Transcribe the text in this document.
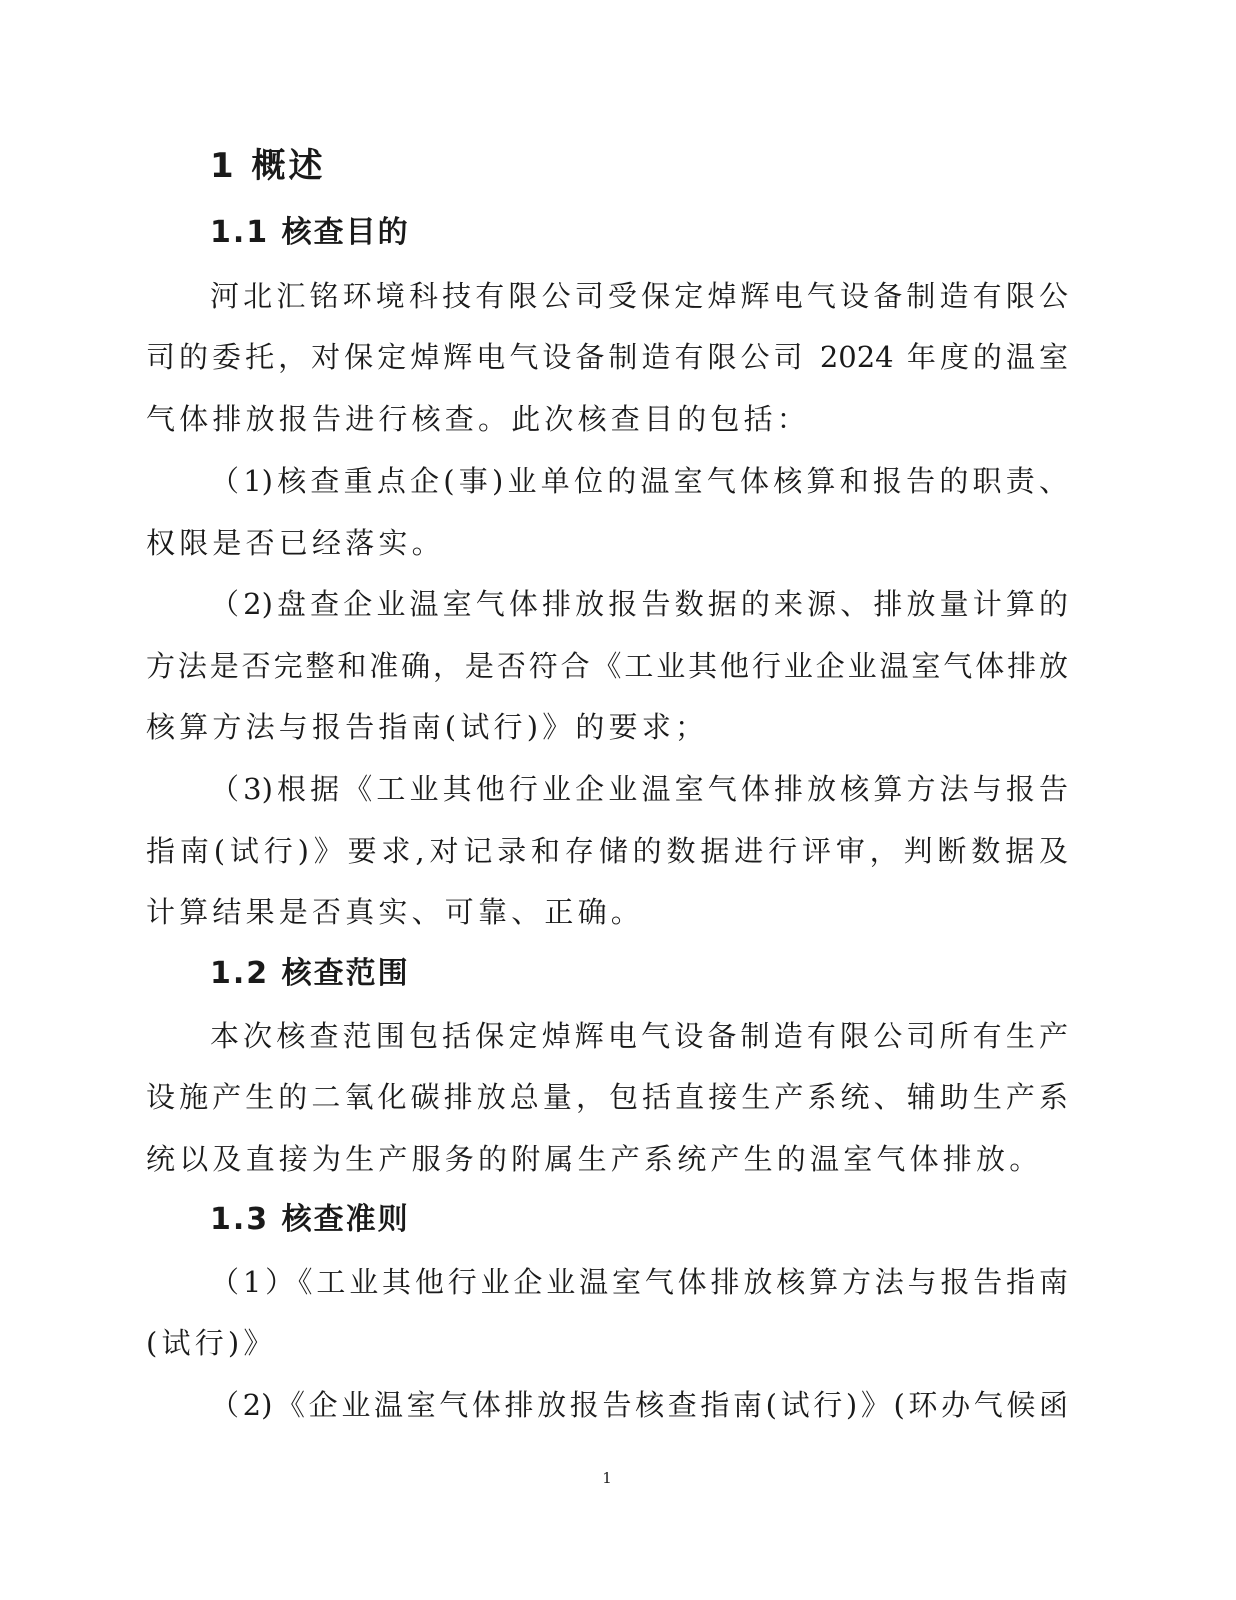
1 概述
1.1 核查目的
河北汇铭环境科技有限公司受保定焯辉电气设备制造有限公
司的委托，对保定焯辉电气设备制造有限公司 2024 年度的温室
气体排放报告进行核查。此次核查目的包括：
（1)核查重点企(事)业单位的温室气体核算和报告的职责、
权限是否已经落实。
（2)盘查企业温室气体排放报告数据的来源、排放量计算的
方法是否完整和准确，是否符合《工业其他行业企业温室气体排放
核算方法与报告指南(试行)》的要求；
（3)根据《工业其他行业企业温室气体排放核算方法与报告
指南(试行)》要求,对记录和存储的数据进行评审，判断数据及
计算结果是否真实、可靠、正确。
1.2 核查范围
本次核查范围包括保定焯辉电气设备制造有限公司所有生产
设施产生的二氧化碳排放总量，包括直接生产系统、辅助生产系
统以及直接为生产服务的附属生产系统产生的温室气体排放。
1.3 核查准则
（1）《工业其他行业企业温室气体排放核算方法与报告指南
(试行)》
（2)《企业温室气体排放报告核查指南(试行)》(环办气候函
1
